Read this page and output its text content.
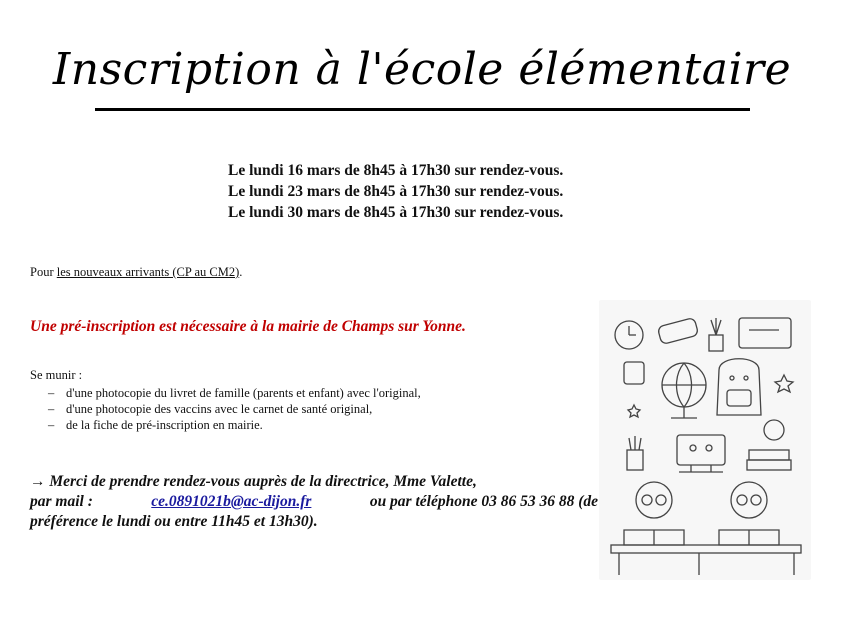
Inscription à l'école élémentaire
Le lundi 16 mars de 8h45 à 17h30 sur rendez-vous.
Le lundi 23 mars de 8h45 à 17h30 sur rendez-vous.
Le lundi 30 mars de 8h45 à 17h30 sur rendez-vous.
Pour les nouveaux arrivants (CP au CM2).
Une pré-inscription est nécessaire à la mairie de Champs sur Yonne.
Se munir :
– d'une photocopie du livret de famille (parents et enfant) avec l'original,
– d'une photocopie des vaccins avec le carnet de santé original,
– de la fiche de pré-inscription en mairie.
→ Merci de prendre rendez-vous auprès de la directrice, Mme Valette,
par mail :	ce.0891021b@ac-dijon.fr	ou par téléphone 03 86 53 36 88 (de
préférence le lundi ou entre 11h45 et 13h30).
